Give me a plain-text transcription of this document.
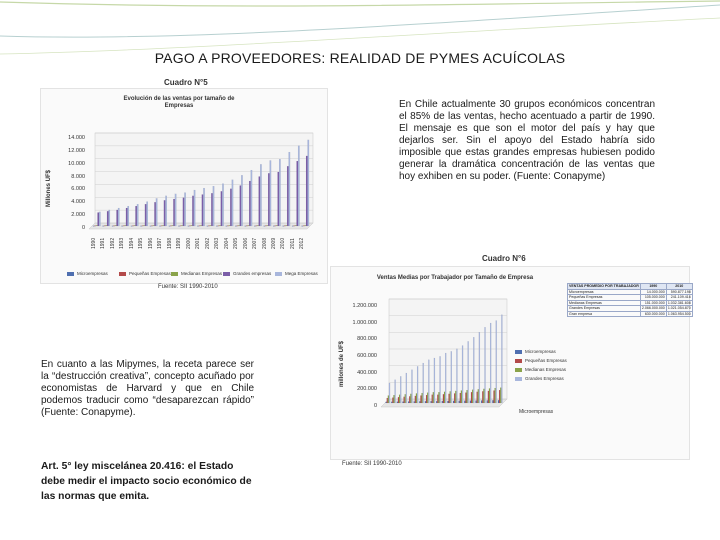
PAGO A PROVEEDORES: REALIDAD DE PYMES ACUÍCOLAS
Cuadro N°5
Evolución de las ventas por tamaño de Empresas
Millones UF$
0
2.000
4.000
6.000
8.000
10.000
12.000
14.000
1990 1991 1992 1993 1994 1995 1996 1997 1998 1999 2000 2001 2002 2003 2004 2005 2006 2007 2008 2009 2010 2011 2012
Microempresas	Pequeñas Empresas Medianas Empresas Grandes empresas	Mega Empresas
Fuente: SII 1990-2010
Cuadro N°6
Ventas Medias por Trabajador por Tamaño de Empresa
millones de UF$
0
200.000
400.000
600.000
800.000
1.000.000
1.200.000
Microempresas
Microempresas
Pequeñas Empresas
Medianas Empresas
Grandes Empresas
VENTAS PROMEDIO POR TRABAJADOR	1990	2010
Microempresas	14.000.000	590.877.198
Pequeñas Empresas	105.000.000	241.109.416
Medianas Empresas	151.000.000	1.032.381.608
Grandes Empresas	2.066.000.000	1.021.054.870
Gran empresa	630.000.000	1.063.954.500
Fuente: SII 1990-2010
En Chile actualmente 30 grupos económicos concentran el 85% de las ventas, hecho acentuado a partir de 1990. El mensaje es que son el motor del país y hay que dejarlos ser. Sin el apoyo del Estado habría sido imposible que estas grandes empresas hubiesen podido generar la dramática concentración de las ventas que hoy exhiben en su poder. (Fuente: Conapyme)
En cuanto a las Mipymes, la receta parece ser la “destrucción creativa”, concepto acuñado por economistas de Harvard y que en Chile podemos traducir como “desaparezcan rápido” (Fuente: Conapyme).
Art. 5° ley miscelánea 20.416: el Estado debe medir el impacto socio económico de las normas que emita.
